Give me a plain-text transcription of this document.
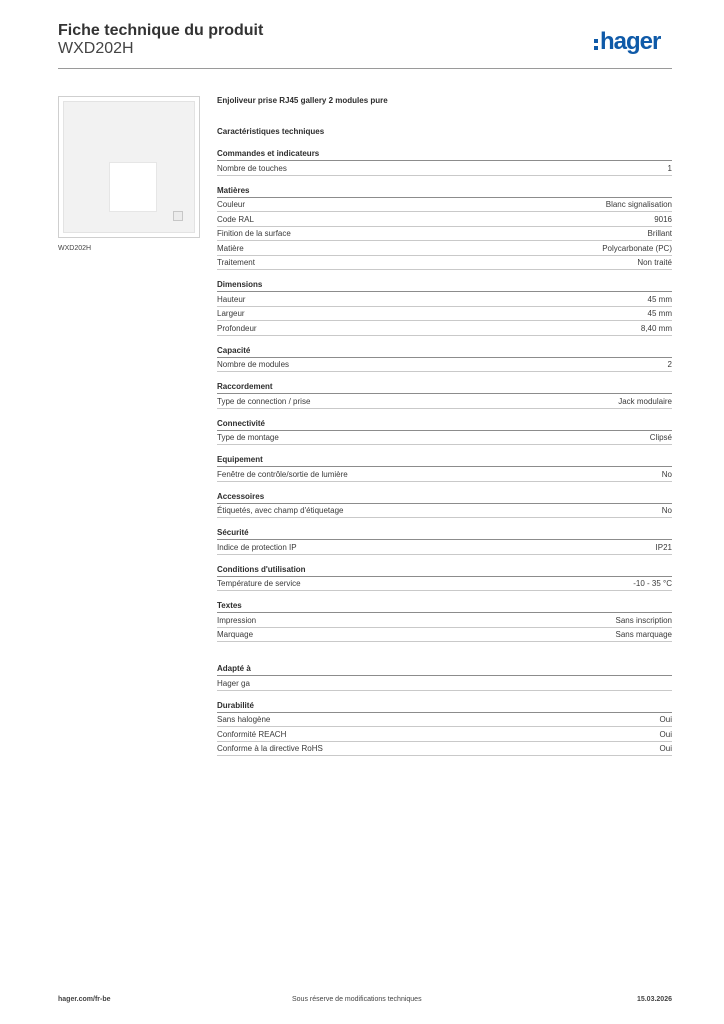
Fiche technique du produit
WXD202H	hager
WXD202H
Enjoliveur prise RJ45 gallery 2 modules pure
Caractéristiques techniques
Commandes et indicateurs
Nombre de touches	1
Matières
Couleur	Blanc signalisation
Code RAL	9016
Finition de la surface	Brillant
Matière	Polycarbonate (PC)
Traitement	Non traité
Dimensions
Hauteur	45 mm
Largeur	45 mm
Profondeur	8,40 mm
Capacité
Nombre de modules	2
Raccordement
Type de connection / prise	Jack modulaire
Connectivité
Type de montage	Clipsé
Equipement
Fenêtre de contrôle/sortie de lumière	No
Accessoires
Étiquetés, avec champ d'étiquetage	No
Sécurité
Indice de protection IP	IP21
Conditions d'utilisation
Température de service	-10 - 35 °C
Textes
Impression	Sans inscription
Marquage	Sans marquage
Adapté à
Hager ga
Durabilité
Sans halogène	Oui
Conformité REACH	Oui
Conforme à la directive RoHS	Oui
hager.com/fr-be	Sous réserve de modifications techniques	15.03.2026
